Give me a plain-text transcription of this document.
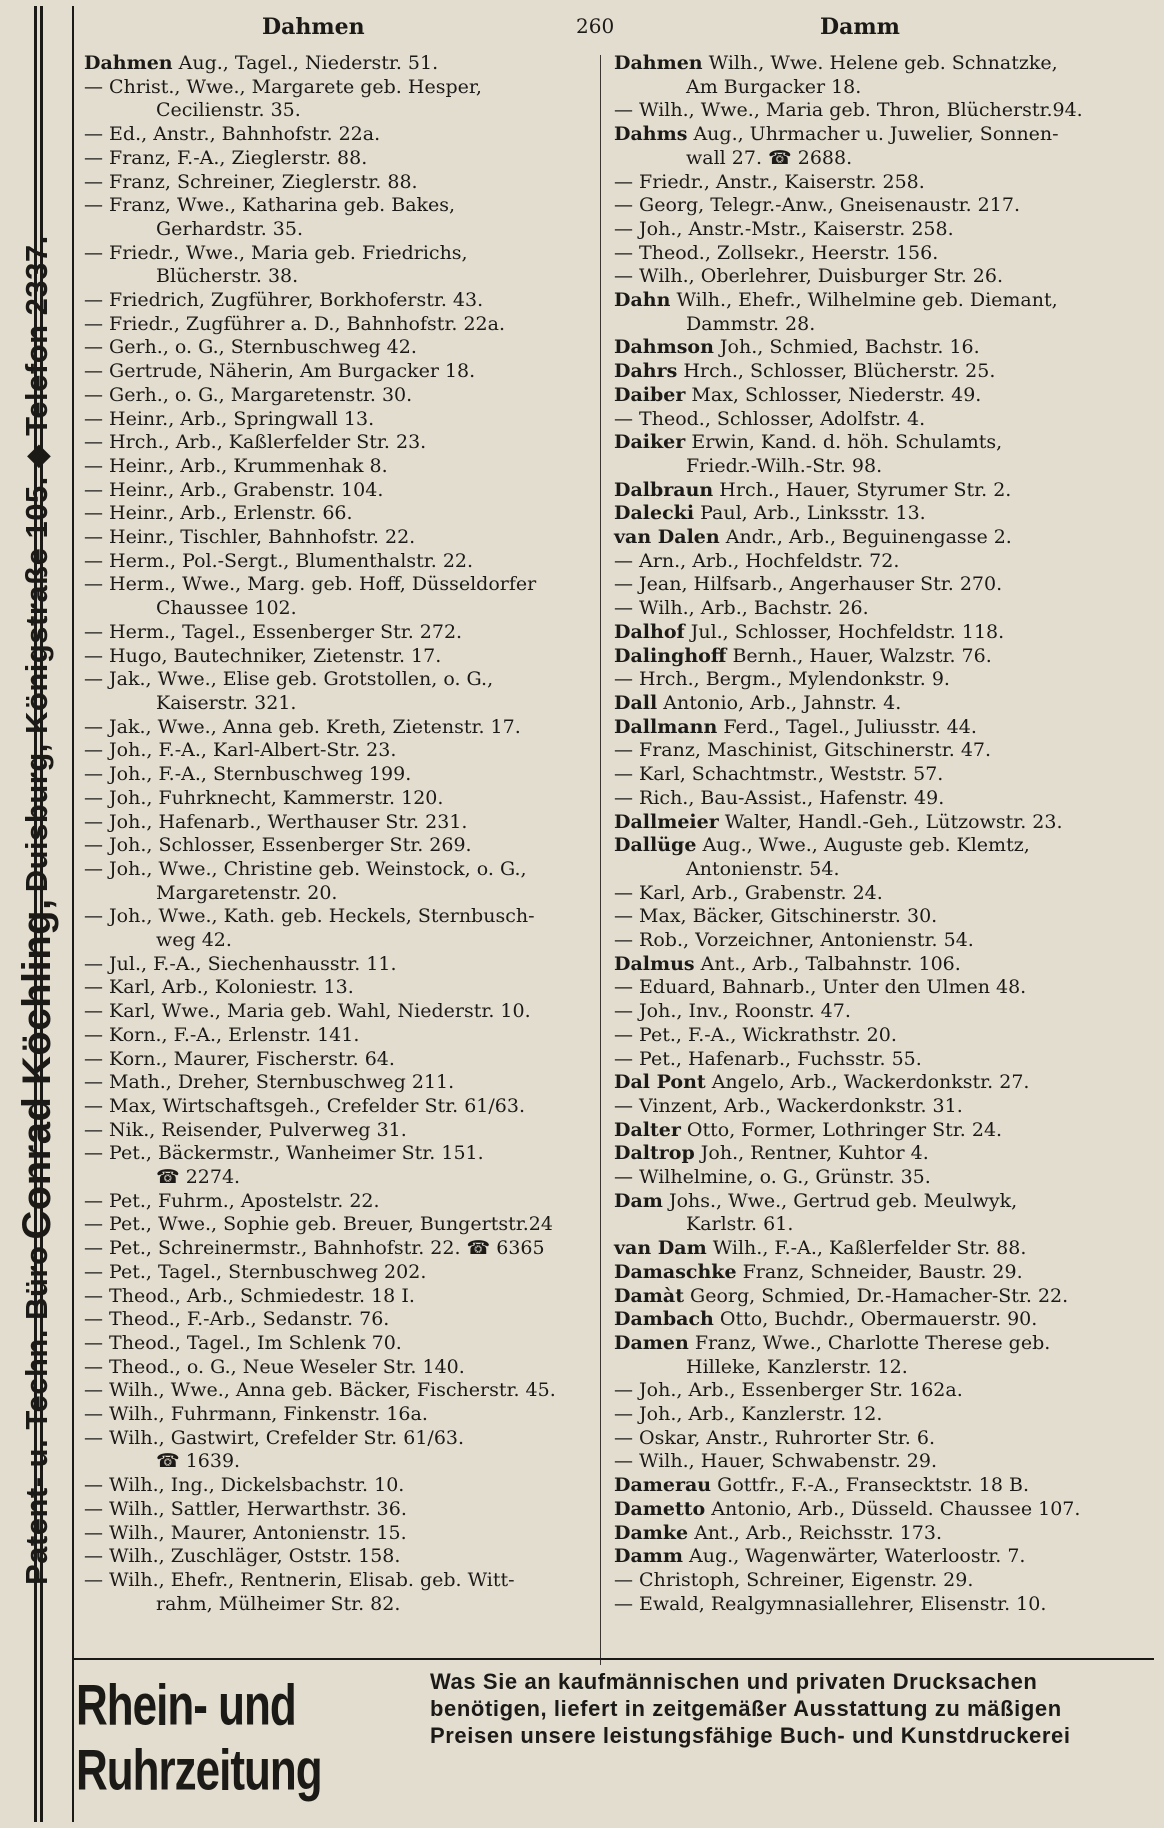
Patent- u. Techn. Büro
Conrad Köchling,
Duisburg, Königstraße 105.
◆
Telefon 2337.
Dahmen	260	Damm
Dahmen Aug., Tagel., Niederstr. 51.
— Christ., Wwe., Margarete geb. Hesper,
Cecilienstr. 35.
— Ed., Anstr., Bahnhofstr. 22a.
— Franz, F.-A., Zieglerstr. 88.
— Franz, Schreiner, Zieglerstr. 88.
— Franz, Wwe., Katharina geb. Bakes,
Gerhardstr. 35.
— Friedr., Wwe., Maria geb. Friedrichs,
Blücherstr. 38.
— Friedrich, Zugführer, Borkhoferstr. 43.
— Friedr., Zugführer a. D., Bahnhofstr. 22a.
— Gerh., o. G., Sternbuschweg 42.
— Gertrude, Näherin, Am Burgacker 18.
— Gerh., o. G., Margaretenstr. 30.
— Heinr., Arb., Springwall 13.
— Hrch., Arb., Kaßlerfelder Str. 23.
— Heinr., Arb., Krummenhak 8.
— Heinr., Arb., Grabenstr. 104.
— Heinr., Arb., Erlenstr. 66.
— Heinr., Tischler, Bahnhofstr. 22.
— Herm., Pol.-Sergt., Blumenthalstr. 22.
— Herm., Wwe., Marg. geb. Hoff, Düsseldorfer
Chaussee 102.
— Herm., Tagel., Essenberger Str. 272.
— Hugo, Bautechniker, Zietenstr. 17.
— Jak., Wwe., Elise geb. Grotstollen, o. G.,
Kaiserstr. 321.
— Jak., Wwe., Anna geb. Kreth, Zietenstr. 17.
— Joh., F.-A., Karl-Albert-Str. 23.
— Joh., F.-A., Sternbuschweg 199.
— Joh., Fuhrknecht, Kammerstr. 120.
— Joh., Hafenarb., Werthauser Str. 231.
— Joh., Schlosser, Essenberger Str. 269.
— Joh., Wwe., Christine geb. Weinstock, o. G.,
Margaretenstr. 20.
— Joh., Wwe., Kath. geb. Heckels, Sternbusch-
weg 42.
— Jul., F.-A., Siechenhausstr. 11.
— Karl, Arb., Koloniestr. 13.
— Karl, Wwe., Maria geb. Wahl, Niederstr. 10.
— Korn., F.-A., Erlenstr. 141.
— Korn., Maurer, Fischerstr. 64.
— Math., Dreher, Sternbuschweg 211.
— Max, Wirtschaftsgeh., Crefelder Str. 61/63.
— Nik., Reisender, Pulverweg 31.
— Pet., Bäckermstr., Wanheimer Str. 151.
☎ 2274.
— Pet., Fuhrm., Apostelstr. 22.
— Pet., Wwe., Sophie geb. Breuer, Bungertstr.24
— Pet., Schreinermstr., Bahnhofstr. 22. ☎ 6365
— Pet., Tagel., Sternbuschweg 202.
— Theod., Arb., Schmiedestr. 18 I.
— Theod., F.-Arb., Sedanstr. 76.
— Theod., Tagel., Im Schlenk 70.
— Theod., o. G., Neue Weseler Str. 140.
— Wilh., Wwe., Anna geb. Bäcker, Fischerstr. 45.
— Wilh., Fuhrmann, Finkenstr. 16a.
— Wilh., Gastwirt, Crefelder Str. 61/63.
☎ 1639.
— Wilh., Ing., Dickelsbachstr. 10.
— Wilh., Sattler, Herwarthstr. 36.
— Wilh., Maurer, Antonienstr. 15.
— Wilh., Zuschläger, Oststr. 158.
— Wilh., Ehefr., Rentnerin, Elisab. geb. Witt-
rahm, Mülheimer Str. 82.
Dahmen Wilh., Wwe. Helene geb. Schnatzke,
Am Burgacker 18.
— Wilh., Wwe., Maria geb. Thron, Blücherstr.94.
Dahms Aug., Uhrmacher u. Juwelier, Sonnen-
wall 27. ☎ 2688.
— Friedr., Anstr., Kaiserstr. 258.
— Georg, Telegr.-Anw., Gneisenaustr. 217.
— Joh., Anstr.-Mstr., Kaiserstr. 258.
— Theod., Zollsekr., Heerstr. 156.
— Wilh., Oberlehrer, Duisburger Str. 26.
Dahn Wilh., Ehefr., Wilhelmine geb. Diemant,
Dammstr. 28.
Dahmson Joh., Schmied, Bachstr. 16.
Dahrs Hrch., Schlosser, Blücherstr. 25.
Daiber Max, Schlosser, Niederstr. 49.
— Theod., Schlosser, Adolfstr. 4.
Daiker Erwin, Kand. d. höh. Schulamts,
Friedr.-Wilh.-Str. 98.
Dalbraun Hrch., Hauer, Styrumer Str. 2.
Dalecki Paul, Arb., Linksstr. 13.
van Dalen Andr., Arb., Beguinengasse 2.
— Arn., Arb., Hochfeldstr. 72.
— Jean, Hilfsarb., Angerhauser Str. 270.
— Wilh., Arb., Bachstr. 26.
Dalhof Jul., Schlosser, Hochfeldstr. 118.
Dalinghoff Bernh., Hauer, Walzstr. 76.
— Hrch., Bergm., Mylendonkstr. 9.
Dall Antonio, Arb., Jahnstr. 4.
Dallmann Ferd., Tagel., Juliusstr. 44.
— Franz, Maschinist, Gitschinerstr. 47.
— Karl, Schachtmstr., Weststr. 57.
— Rich., Bau-Assist., Hafenstr. 49.
Dallmeier Walter, Handl.-Geh., Lützowstr. 23.
Dallüge Aug., Wwe., Auguste geb. Klemtz,
Antonienstr. 54.
— Karl, Arb., Grabenstr. 24.
— Max, Bäcker, Gitschinerstr. 30.
— Rob., Vorzeichner, Antonienstr. 54.
Dalmus Ant., Arb., Talbahnstr. 106.
— Eduard, Bahnarb., Unter den Ulmen 48.
— Joh., Inv., Roonstr. 47.
— Pet., F.-A., Wickrathstr. 20.
— Pet., Hafenarb., Fuchsstr. 55.
Dal Pont Angelo, Arb., Wackerdonkstr. 27.
— Vinzent, Arb., Wackerdonkstr. 31.
Dalter Otto, Former, Lothringer Str. 24.
Daltrop Joh., Rentner, Kuhtor 4.
— Wilhelmine, o. G., Grünstr. 35.
Dam Johs., Wwe., Gertrud geb. Meulwyk,
Karlstr. 61.
van Dam Wilh., F.-A., Kaßlerfelder Str. 88.
Damaschke Franz, Schneider, Baustr. 29.
Damàt Georg, Schmied, Dr.-Hamacher-Str. 22.
Dambach Otto, Buchdr., Obermauerstr. 90.
Damen Franz, Wwe., Charlotte Therese geb.
Hilleke, Kanzlerstr. 12.
— Joh., Arb., Essenberger Str. 162a.
— Joh., Arb., Kanzlerstr. 12.
— Oskar, Anstr., Ruhrorter Str. 6.
— Wilh., Hauer, Schwabenstr. 29.
Damerau Gottfr., F.-A., Fransecktstr. 18 B.
Dametto Antonio, Arb., Düsseld. Chaussee 107.
Damke Ant., Arb., Reichsstr. 173.
Damm Aug., Wagenwärter, Waterloostr. 7.
— Christoph, Schreiner, Eigenstr. 29.
— Ewald, Realgymnasiallehrer, Elisenstr. 10.
Rhein- und Ruhrzeitung
Was Sie an kaufmännischen und privaten Drucksachen
benötigen, liefert in zeitgemäßer Ausstattung zu mäßigen
Preisen unsere leistungsfähige Buch- und Kunstdruckerei
